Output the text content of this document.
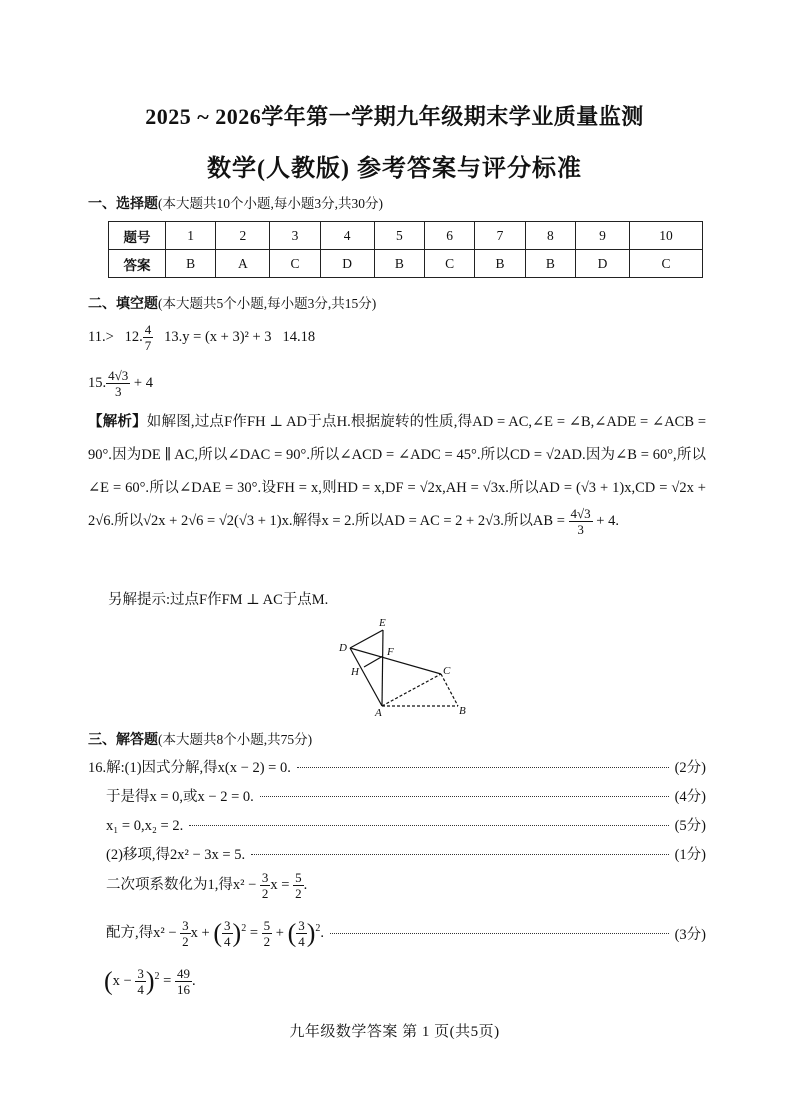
2025 ~ 2026学年第一学期九年级期末学业质量监测
数学(人教版) 参考答案与评分标准
一、选择题(本大题共10个小题,每小题3分,共30分)
题号	1	2	3	4	5	6	7	8	9	10
答案	B	A	C	D	B	C	B	B	D	C
二、填空题(本大题共5个小题,每小题3分,共15分)
11.> 12. $\frac{4}{7} 13.y = (x + 3)^2 + 3$ 14.18
15. $\frac{4√3}{3} + 4$
【解析】如解图,过点F作FH ⊥ AD于点H.根据旋转的性质,得AD = AC,∠E = ∠B,∠ADE = ∠ACB = 90°.因为DE ∥ AC,所以∠DAC = 90°.所以∠ACD = ∠ADC = 45°.所以CD = √2AD.因为∠B = 60°,所以∠E = 60°.所以∠DAE = 30°.设FH = x,则HD = x,DF = √2x,AH = √3x.所以AD = (√3 + 1)x,CD = √2x + 2√6.所以√2x + 2√6 = √2(√3 + 1)x.解得x = 2.所以AD = AC = 2 + 2√3.所以AB = $\frac{4√3}{3} + 4$.
另解提示:过点F作FM ⊥ AC于点M.
E
D	F
H	C
A	B
三、解答题(本大题共8个小题,共75分)
16.解:(1)因式分解,得x(x − 2) = 0.	(2分)
于是得x = 0,或x − 2 = 0.	(4分)
x₁ = 0,x₂ = 2.	(5分)
(2)移项,得2x² − 3x = 5.	(1分)
二次项系数化为1,得$x^2 - \frac{3}{2}$ $x = \frac{5}{2}$ .
配方,得$x^2 - \frac{3}{2}$ x + ( $\frac{3}{4} )^2 = \frac{5}{2}$ + ( $\frac{3}{4} )^2$.	(3分)
$(x - \frac{3}{4} )^2 = \frac{49}{16}$ .
九年级数学答案 第 1 页(共5页)
